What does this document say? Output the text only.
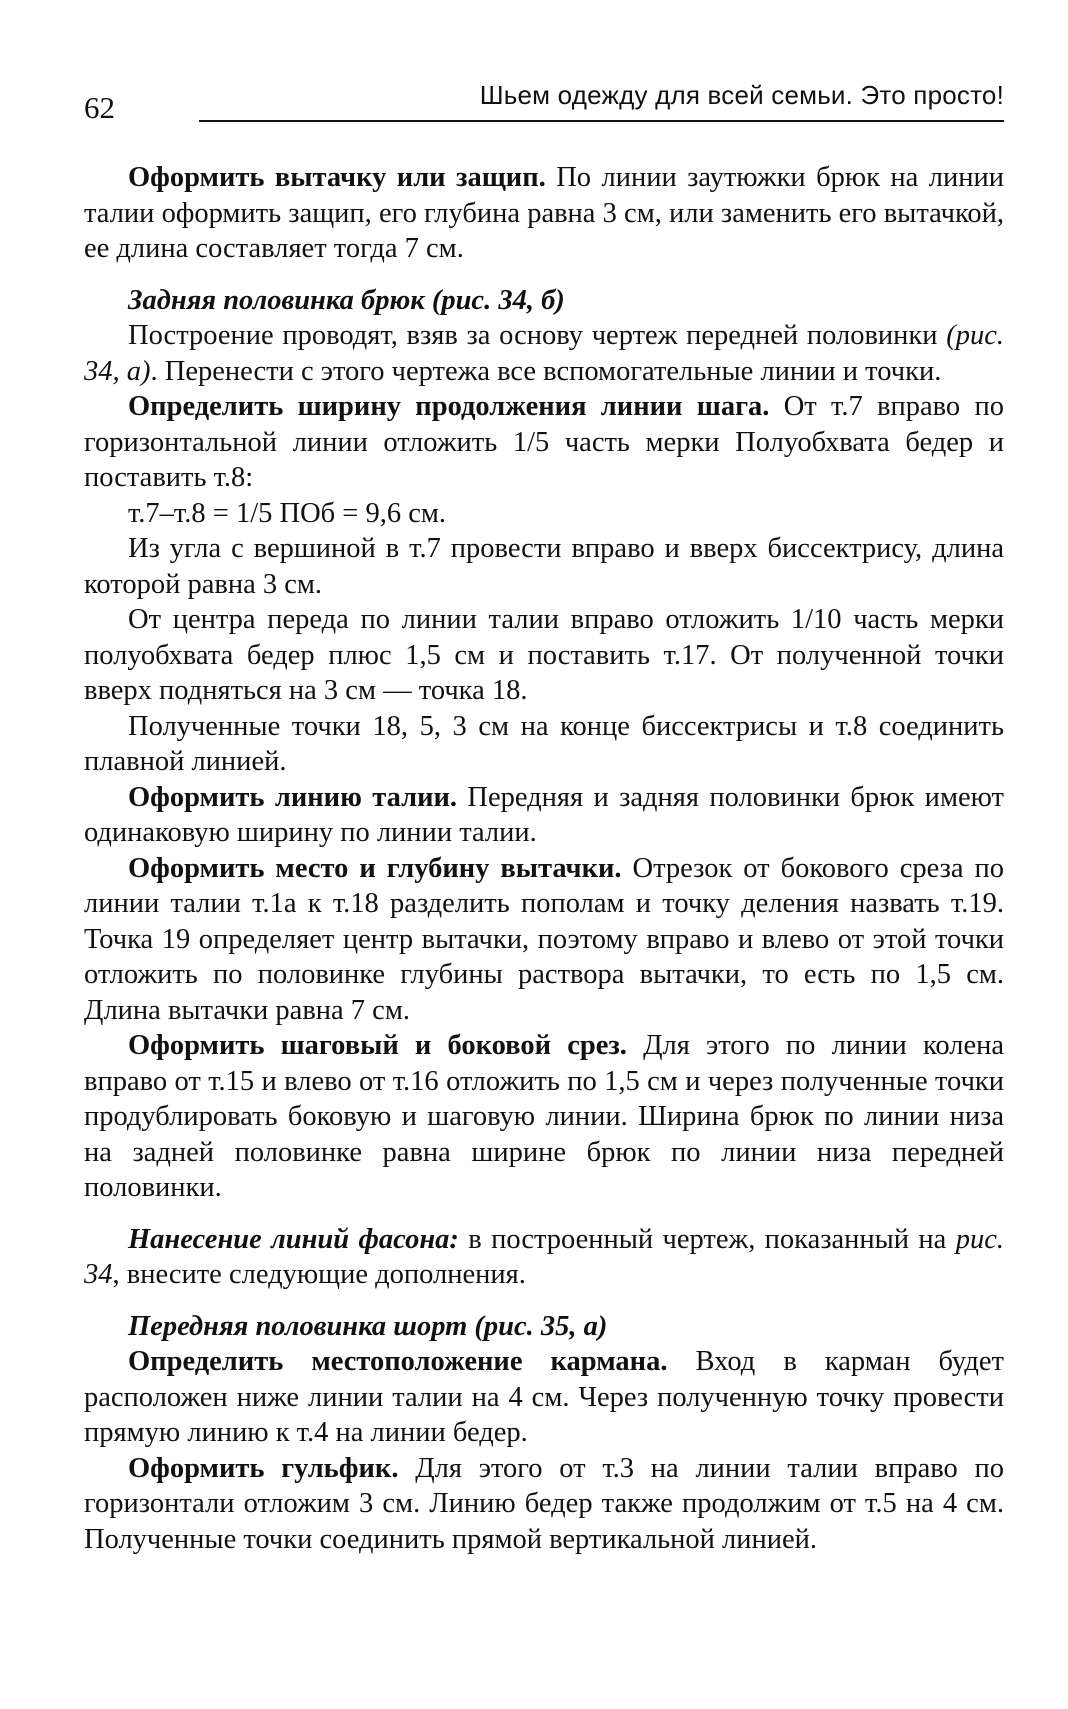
62	Шьем одежду для всей семьи. Это просто!

Оформить вытачку или защип. По линии заутюжки брюк на линии талии оформить защип, его глубина равна 3 см, или заменить его вытачкой, ее длина составляет тогда 7 см.

Задняя половинка брюк (рис. 34, б)

Построение проводят, взяв за основу чертеж передней половинки (рис. 34, а). Перенести с этого чертежа все вспомогательные линии и точки.

Определить ширину продолжения линии шага. От т.7 вправо по горизонтальной линии отложить 1/5 часть мерки Полуобхвата бедер и поставить т.8:

т.7–т.8 = 1/5 ПОб = 9,6 см.

Из угла с вершиной в т.7 провести вправо и вверх биссектрису, длина которой равна 3 см.

От центра переда по линии талии вправо отложить 1/10 часть мерки полуобхвата бедер плюс 1,5 см и поставить т.17. От полученной точки вверх подняться на 3 см — точка 18.

Полученные точки 18, 5, 3 см на конце биссектрисы и т.8 соединить плавной линией.

Оформить линию талии. Передняя и задняя половинки брюк имеют одинаковую ширину по линии талии.

Оформить место и глубину вытачки. Отрезок от бокового среза по линии талии т.1а к т.18 разделить пополам и точку деления назвать т.19. Точка 19 определяет центр вытачки, поэтому вправо и влево от этой точки отложить по половинке глубины раствора вытачки, то есть по 1,5 см. Длина вытачки равна 7 см.

Оформить шаговый и боковой срез. Для этого по линии колена вправо от т.15 и влево от т.16 отложить по 1,5 см и через полученные точки продублировать боковую и шаговую линии. Ширина брюк по линии низа на задней половинке равна ширине брюк по линии низа передней половинки.

Нанесение линий фасона: в построенный чертеж, показанный на рис. 34, внесите следующие дополнения.

Передняя половинка шорт (рис. 35, а)

Определить местоположение кармана. Вход в карман будет расположен ниже линии талии на 4 см. Через полученную точку провести прямую линию к т.4 на линии бедер.

Оформить гульфик. Для этого от т.3 на линии талии вправо по горизонтали отложим 3 см. Линию бедер также продолжим от т.5 на 4 см. Полученные точки соединить прямой вертикальной линией.
